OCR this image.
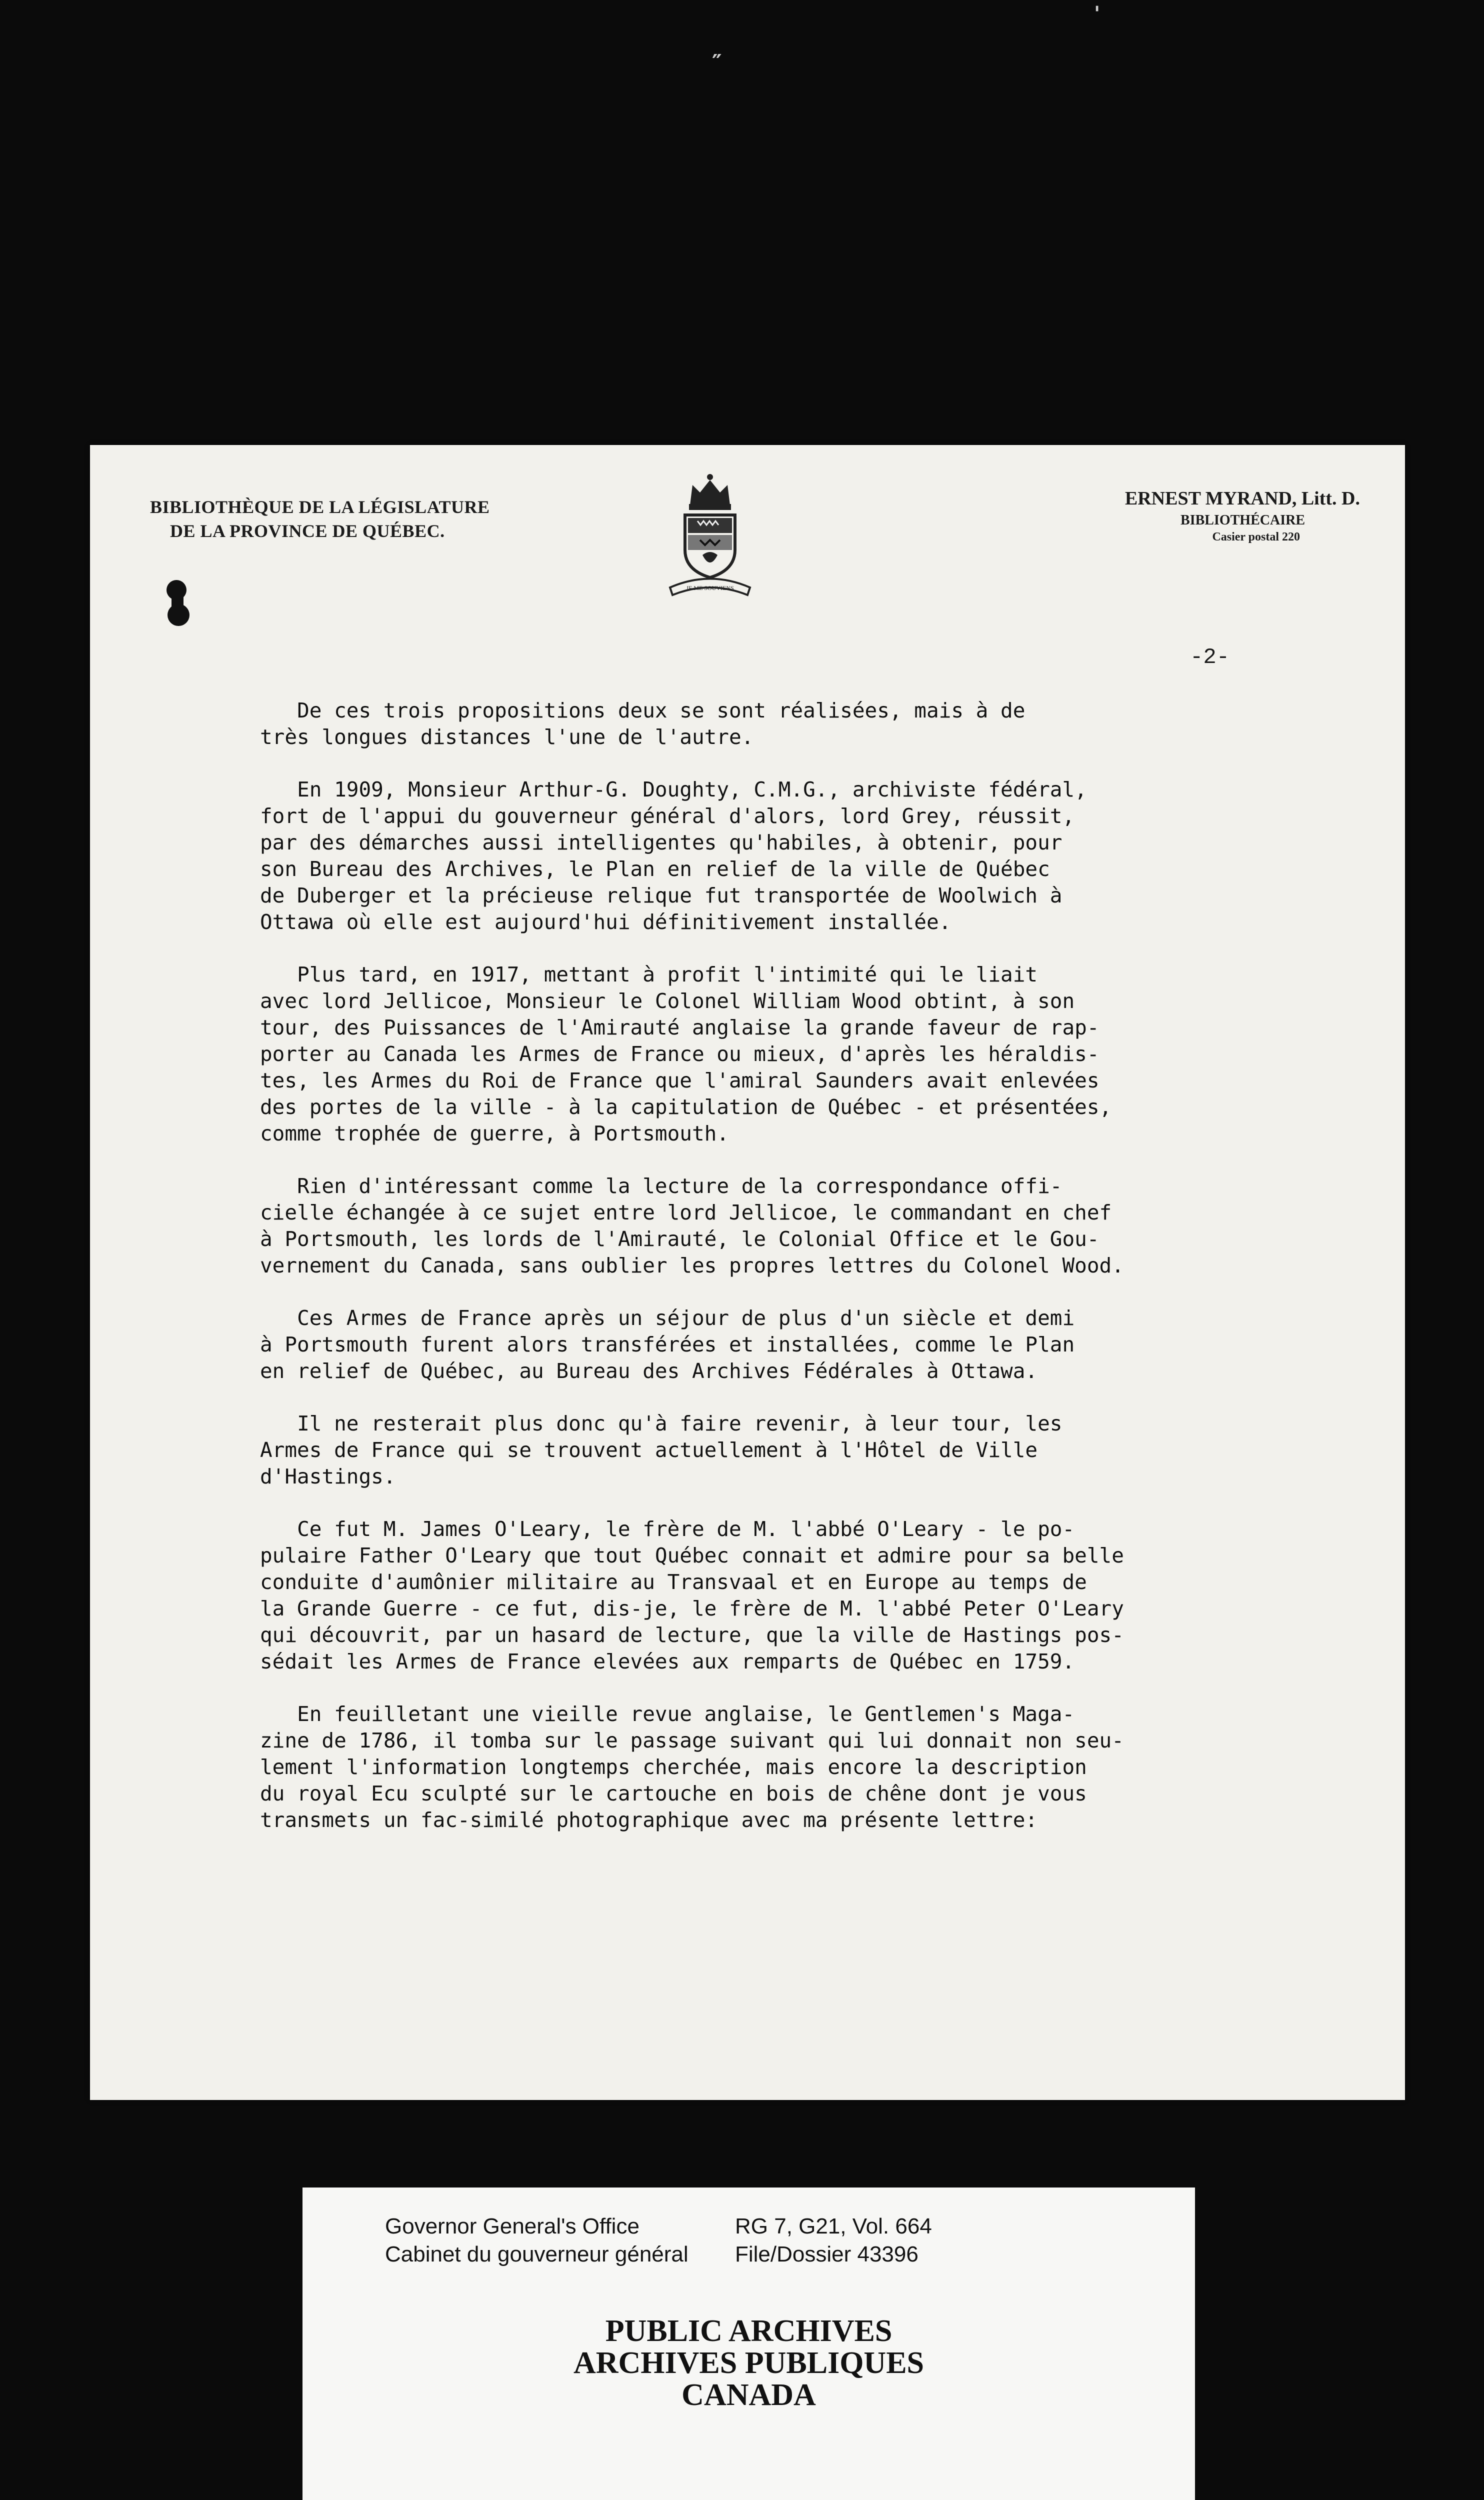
'
″
BIBLIOTHÈQUE DE LA LÉGISLATURE
DE LA PROVINCE DE QUÉBEC.
JE ME SOUVIENS
ERNEST MYRAND, Litt. D.
BIBLIOTHÉCAIRE
Casier postal 220
-2-

De ces trois propositions deux se sont réalisées, mais à de
très longues distances l'une de l'autre.

En 1909, Monsieur Arthur-G. Doughty, C.M.G., archiviste fédéral,
fort de l'appui du gouverneur général d'alors, lord Grey, réussit,
par des démarches aussi intelligentes qu'habiles, à obtenir, pour
son Bureau des Archives, le Plan en relief de la ville de Québec
de Duberger et la précieuse relique fut transportée de Woolwich à
Ottawa où elle est aujourd'hui définitivement installée.

Plus tard, en 1917, mettant à profit l'intimité qui le liait
avec lord Jellicoe, Monsieur le Colonel William Wood obtint, à son
tour, des Puissances de l'Amirauté anglaise la grande faveur de rap-
porter au Canada les Armes de France ou mieux, d'après les héraldis-
tes, les Armes du Roi de France que l'amiral Saunders avait enlevées
des portes de la ville - à la capitulation de Québec - et présentées,
comme trophée de guerre, à Portsmouth.

Rien d'intéressant comme la lecture de la correspondance offi-
cielle échangée à ce sujet entre lord Jellicoe, le commandant en chef
à Portsmouth, les lords de l'Amirauté, le Colonial Office et le Gou-
vernement du Canada, sans oublier les propres lettres du Colonel Wood.

Ces Armes de France après un séjour de plus d'un siècle et demi
à Portsmouth furent alors transférées et installées, comme le Plan
en relief de Québec, au Bureau des Archives Fédérales à Ottawa.

Il ne resterait plus donc qu'à faire revenir, à leur tour, les
Armes de France qui se trouvent actuellement à l'Hôtel de Ville
d'Hastings.

Ce fut M. James O'Leary, le frère de M. l'abbé O'Leary - le po-
pulaire Father O'Leary que tout Québec connait et admire pour sa belle
conduite d'aumônier militaire au Transvaal et en Europe au temps de
la Grande Guerre - ce fut, dis-je, le frère de M. l'abbé Peter O'Leary
qui découvrit, par un hasard de lecture, que la ville de Hastings pos-
sédait les Armes de France elevées aux remparts de Québec en 1759.

En feuilletant une vieille revue anglaise, le Gentlemen's Maga-
zine de 1786, il tomba sur le passage suivant qui lui donnait non seu-
lement l'information longtemps cherchée, mais encore la description
du royal Ecu sculpté sur le cartouche en bois de chêne dont je vous
transmets un fac-similé photographique avec ma présente lettre:

Governor General's Office
Cabinet du gouverneur général
RG 7, G21, Vol. 664
File/Dossier 43396
PUBLIC ARCHIVES
ARCHIVES PUBLIQUES
CANADA
